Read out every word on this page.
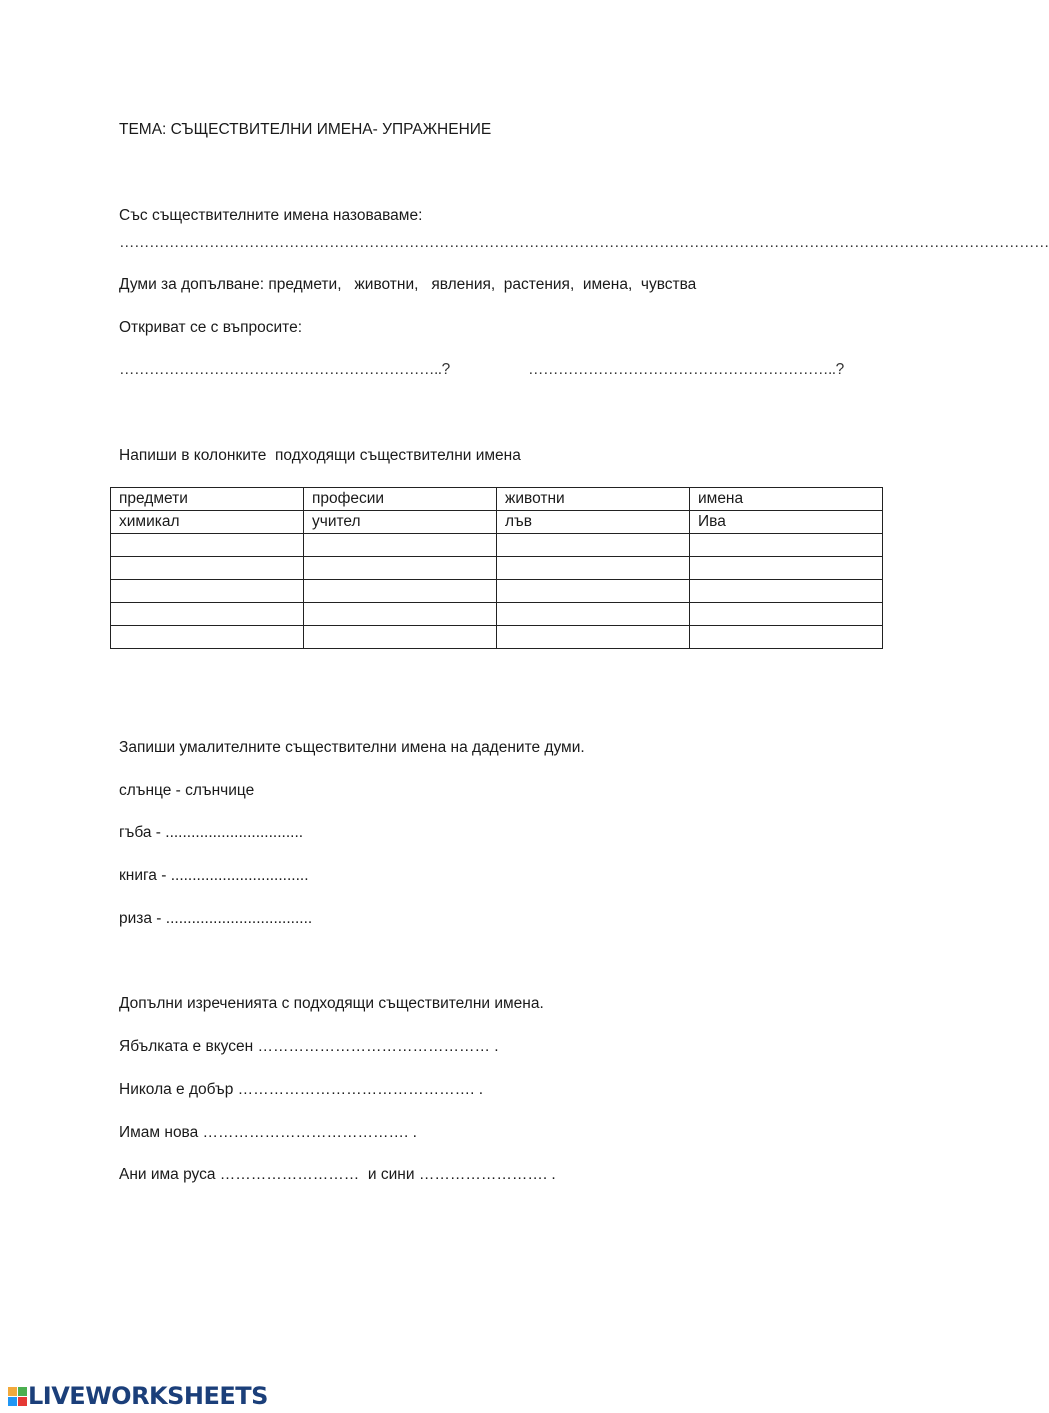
ТЕМА: СЪЩЕСТВИТЕЛНИ ИМЕНА- УПРАЖНЕНИЕ
Със съществителните имена назоваваме:
……………………………………………………………………………………………………………………………………………………………………
Думи за допълване: предмети,   животни,   явления,  растения,  имена,  чувства
Откриват се с въпросите:
………………………………………………………..?	……………………………………………………..?
Напиши в колонките  подходящи съществителни имена
предмети	професии	животни	имена
химикал	учител	лъв	Ива

Запиши умалителните съществителни имена на дадените думи.
слънце - слънчице
гъба - ................................
книга - ................................
риза - ..................................
Допълни изреченията с подходящи съществителни имена.
Ябълката е вкусен ……………………………………… .
Никола е добър ………………………………………. .
Имам нова …………………………………. .
Ани има руса ………………………  и сини ……………………. .
LIVEWORKSHEETS
